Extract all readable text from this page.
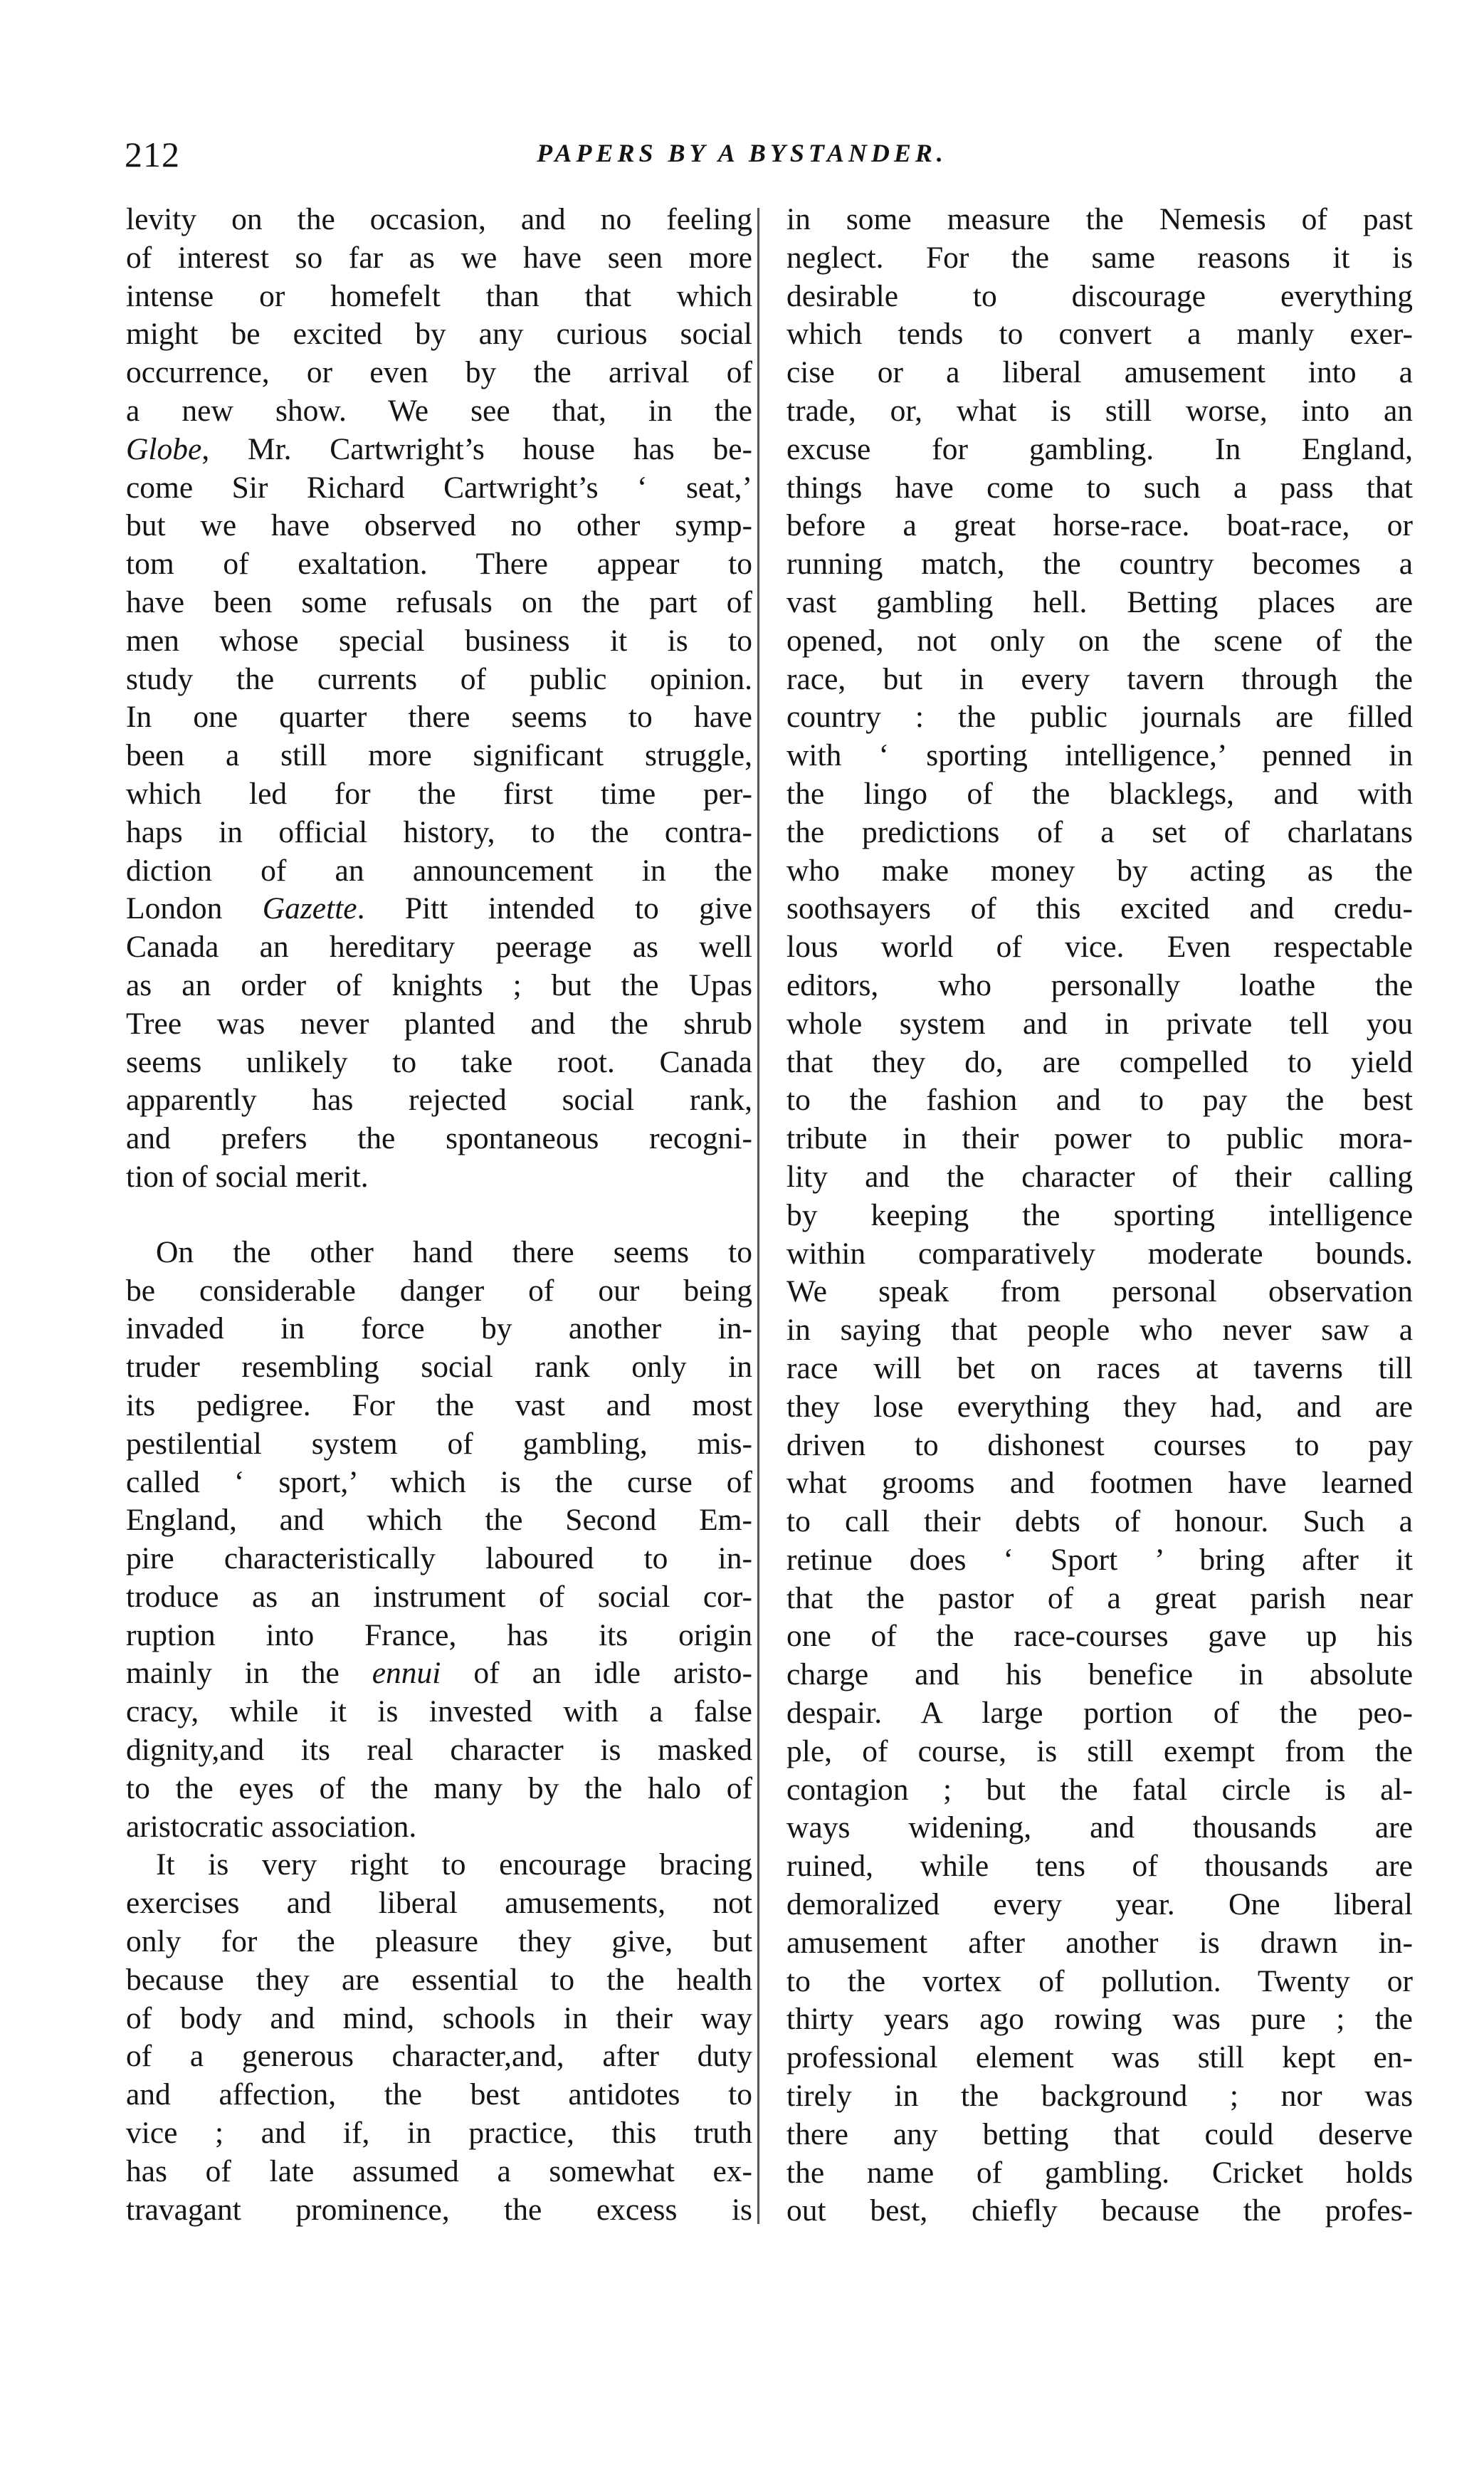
212	PAPERS BY A BYSTANDER.
levity on the occasion, and no feeling
of interest so far as we have seen more
intense or homefelt than that which
might be excited by any curious social
occurrence, or even by the arrival of
a new show. We see that, in the
Globe, Mr. Cartwright’s house has be-
come Sir Richard Cartwright’s ‘ seat,’
but we have observed no other symp-
tom of exaltation. There appear to
have been some refusals on the part of
men whose special business it is to
study the currents of public opinion.
In one quarter there seems to have
been a still more significant struggle,
which led for the first time per-
haps in official history, to the contra-
diction of an announcement in the
London Gazette. Pitt intended to give
Canada an hereditary peerage as well
as an order of knights ; but the Upas
Tree was never planted and the shrub
seems unlikely to take root. Canada
apparently has rejected social rank,
and prefers the spontaneous recogni-
tion of social merit.
On the other hand there seems to
be considerable danger of our being
invaded in force by another in-
truder resembling social rank only in
its pedigree. For the vast and most
pestilential system of gambling, mis-
called ‘ sport,’ which is the curse of
England, and which the Second Em-
pire characteristically laboured to in-
troduce as an instrument of social cor-
ruption into France, has its origin
mainly in the ennui of an idle aristo-
cracy, while it is invested with a false
dignity,and its real character is masked
to the eyes of the many by the halo of
aristocratic association.
It is very right to encourage bracing
exercises and liberal amusements, not
only for the pleasure they give, but
because they are essential to the health
of body and mind, schools in their way
of a generous character,and, after duty
and affection, the best antidotes to
vice ; and if, in practice, this truth
has of late assumed a somewhat ex-
travagant prominence, the excess is
in some measure the Nemesis of past
neglect. For the same reasons it is
desirable to discourage everything
which tends to convert a manly exer-
cise or a liberal amusement into a
trade, or, what is still worse, into an
excuse for gambling. In England,
things have come to such a pass that
before a great horse-race. boat-race, or
running match, the country becomes a
vast gambling hell. Betting places are
opened, not only on the scene of the
race, but in every tavern through the
country : the public journals are filled
with ‘ sporting intelligence,’ penned in
the lingo of the blacklegs, and with
the predictions of a set of charlatans
who make money by acting as the
soothsayers of this excited and credu-
lous world of vice. Even respectable
editors, who personally loathe the
whole system and in private tell you
that they do, are compelled to yield
to the fashion and to pay the best
tribute in their power to public mora-
lity and the character of their calling
by keeping the sporting intelligence
within comparatively moderate bounds.
We speak from personal observation
in saying that people who never saw a
race will bet on races at taverns till
they lose everything they had, and are
driven to dishonest courses to pay
what grooms and footmen have learned
to call their debts of honour. Such a
retinue does ‘ Sport ’ bring after it
that the pastor of a great parish near
one of the race-courses gave up his
charge and his benefice in absolute
despair. A large portion of the peo-
ple, of course, is still exempt from the
contagion ; but the fatal circle is al-
ways widening, and thousands are
ruined, while tens of thousands are
demoralized every year. One liberal
amusement after another is drawn in-
to the vortex of pollution. Twenty or
thirty years ago rowing was pure ; the
professional element was still kept en-
tirely in the background ; nor was
there any betting that could deserve
the name of gambling. Cricket holds
out best, chiefly because the profes-
